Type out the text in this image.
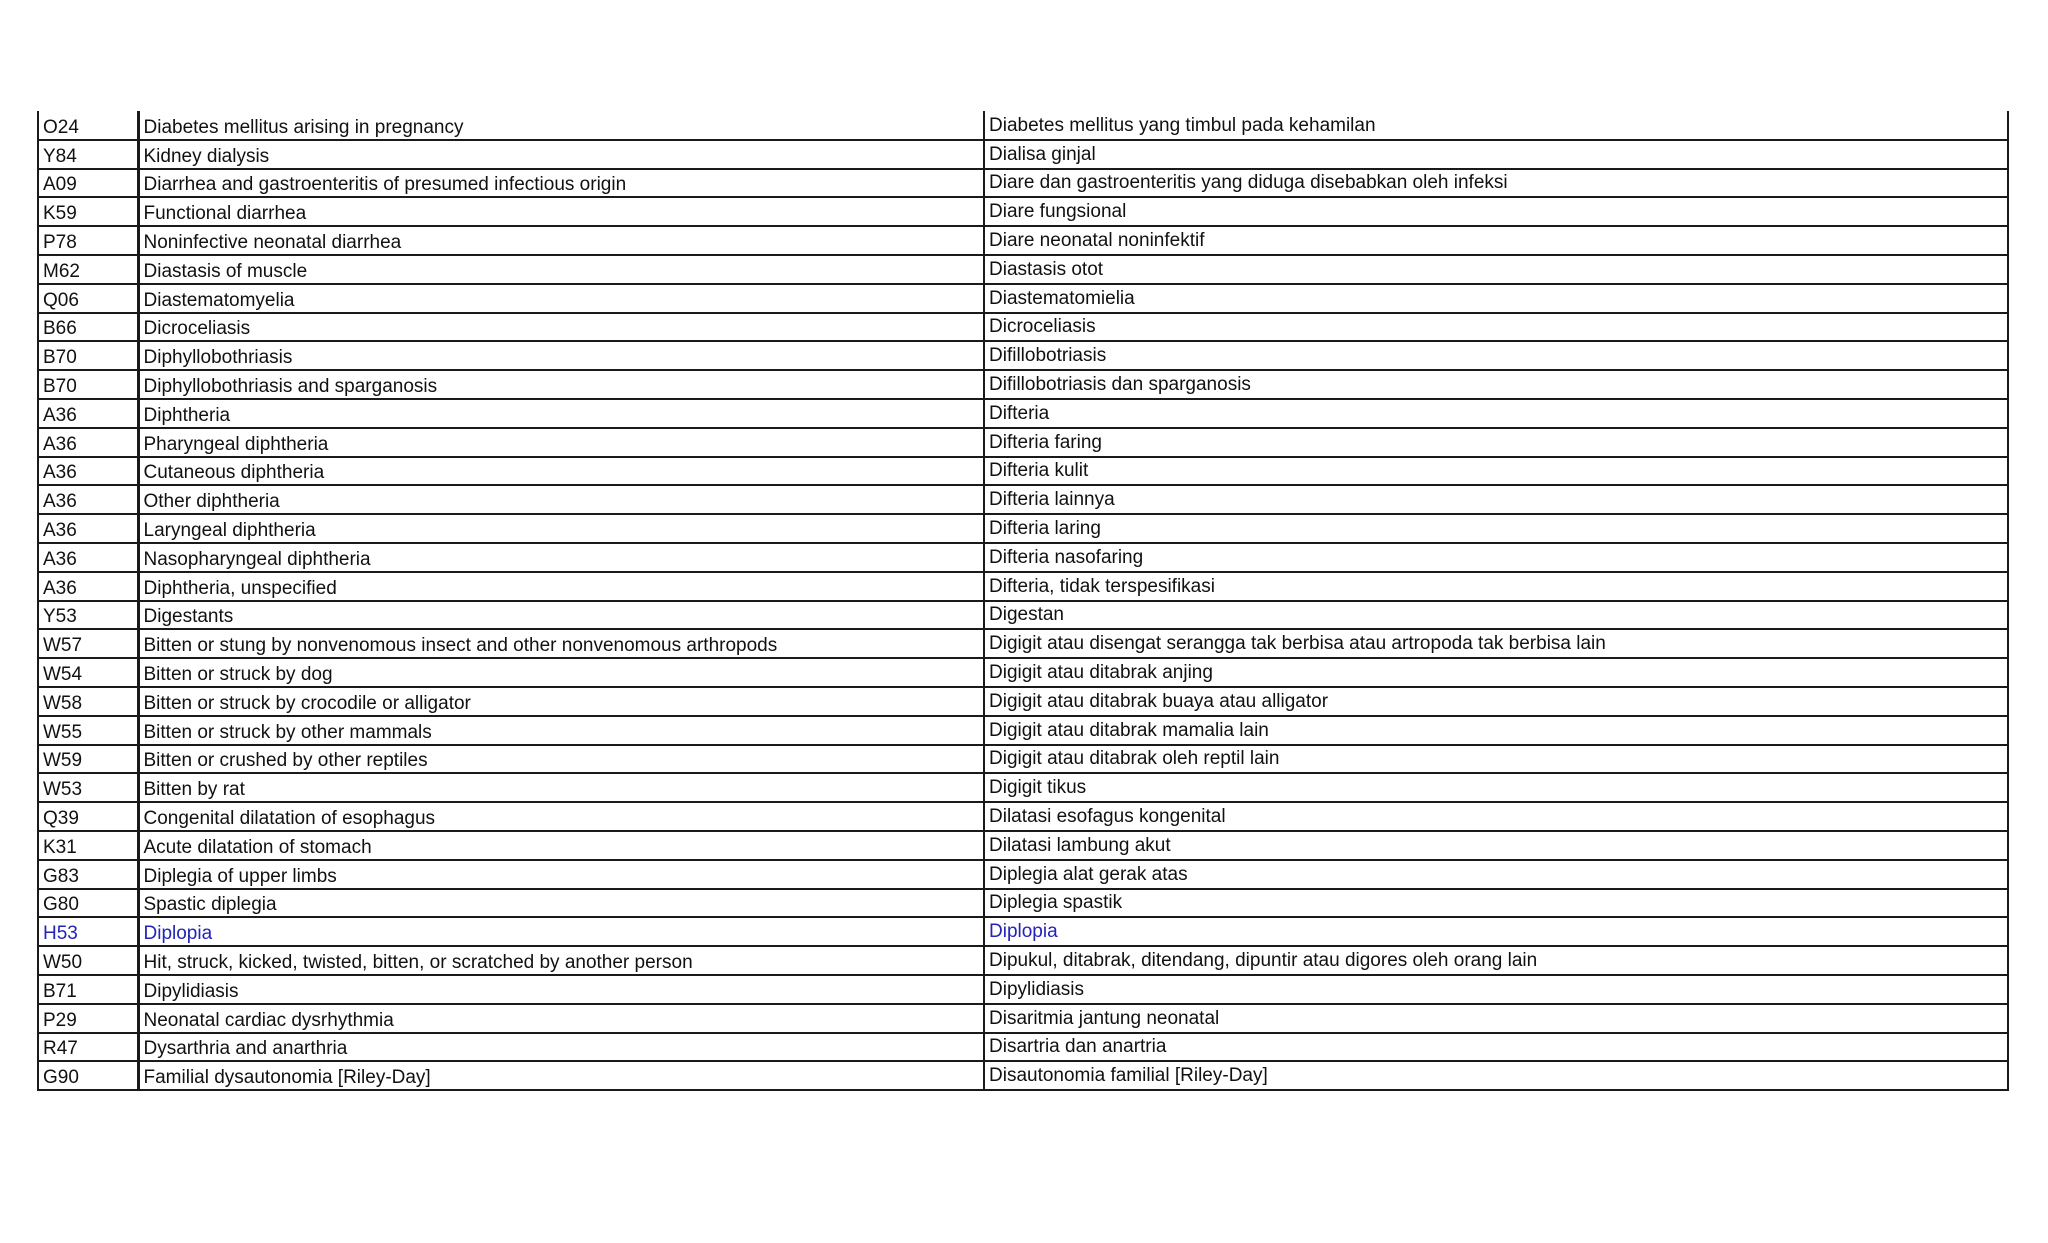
O24	Diabetes mellitus arising in pregnancy	Diabetes mellitus yang timbul pada kehamilan
Y84	Kidney dialysis	Dialisa ginjal
A09	Diarrhea and gastroenteritis of presumed infectious origin	Diare dan gastroenteritis yang diduga disebabkan oleh infeksi
K59	Functional diarrhea	Diare fungsional
P78	Noninfective neonatal diarrhea	Diare neonatal noninfektif
M62	Diastasis of muscle	Diastasis otot
Q06	Diastematomyelia	Diastematomielia
B66	Dicroceliasis	Dicroceliasis
B70	Diphyllobothriasis	Difillobotriasis
B70	Diphyllobothriasis and sparganosis	Difillobotriasis dan sparganosis
A36	Diphtheria	Difteria
A36	Pharyngeal diphtheria	Difteria faring
A36	Cutaneous diphtheria	Difteria kulit
A36	Other diphtheria	Difteria lainnya
A36	Laryngeal diphtheria	Difteria laring
A36	Nasopharyngeal diphtheria	Difteria nasofaring
A36	Diphtheria, unspecified	Difteria, tidak terspesifikasi
Y53	Digestants	Digestan
W57	Bitten or stung by nonvenomous insect and other nonvenomous arthropods	Digigit atau disengat serangga tak berbisa atau artropoda tak berbisa lain
W54	Bitten or struck by dog	Digigit atau ditabrak anjing
W58	Bitten or struck by crocodile or alligator	Digigit atau ditabrak buaya atau alligator
W55	Bitten or struck by other mammals	Digigit atau ditabrak mamalia lain
W59	Bitten or crushed by other reptiles	Digigit atau ditabrak oleh reptil lain
W53	Bitten by rat	Digigit tikus
Q39	Congenital dilatation of esophagus	Dilatasi esofagus kongenital
K31	Acute dilatation of stomach	Dilatasi lambung akut
G83	Diplegia of upper limbs	Diplegia alat gerak atas
G80	Spastic diplegia	Diplegia spastik
H53	Diplopia	Diplopia
W50	Hit, struck, kicked, twisted, bitten, or scratched by another person	Dipukul, ditabrak, ditendang, dipuntir atau digores oleh orang lain
B71	Dipylidiasis	Dipylidiasis
P29	Neonatal cardiac dysrhythmia	Disaritmia jantung neonatal
R47	Dysarthria and anarthria	Disartria dan anartria
G90	Familial dysautonomia [Riley-Day]	Disautonomia familial [Riley-Day]
